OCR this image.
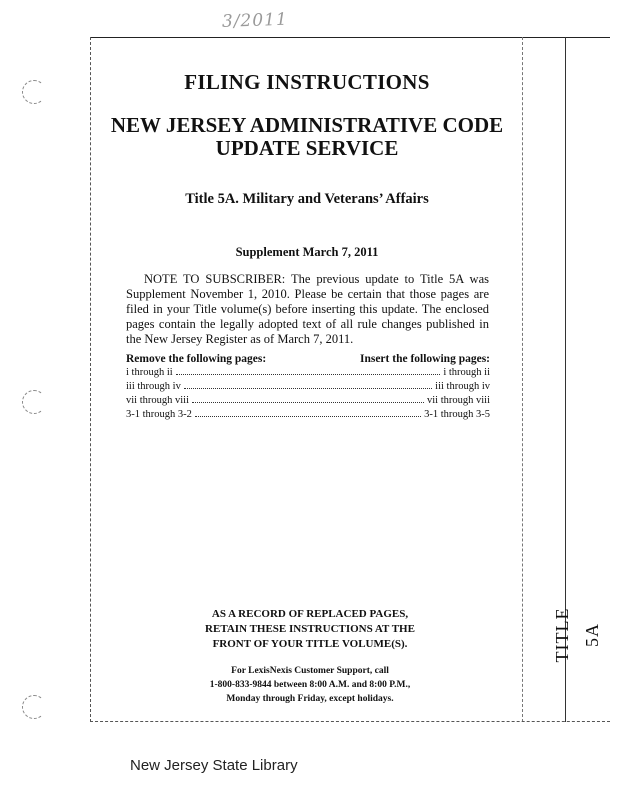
3/2011
FILING INSTRUCTIONS
NEW JERSEY ADMINISTRATIVE CODE
UPDATE SERVICE
Title 5A. Military and Veterans’ Affairs
Supplement March 7, 2011
NOTE TO SUBSCRIBER: The previous update to Title 5A was Supplement November 1, 2010. Please be certain that those pages are filed in your Title volume(s) before inserting this update. The enclosed pages contain the legally adopted text of all rule changes published in the New Jersey Register as of March 7, 2011.
Remove the following pages:	Insert the following pages:
i through ii	i through ii
iii through iv	iii through iv
vii through viii	vii through viii
3-1 through 3-2	3-1 through 3-5
AS A RECORD OF REPLACED PAGES,
RETAIN THESE INSTRUCTIONS AT THE
FRONT OF YOUR TITLE VOLUME(S).
For LexisNexis Customer Support, call
1-800-833-9844 between 8:00 A.M. and 8:00 P.M.,
Monday through Friday, except holidays.
TITLE 5A
New Jersey State Library
